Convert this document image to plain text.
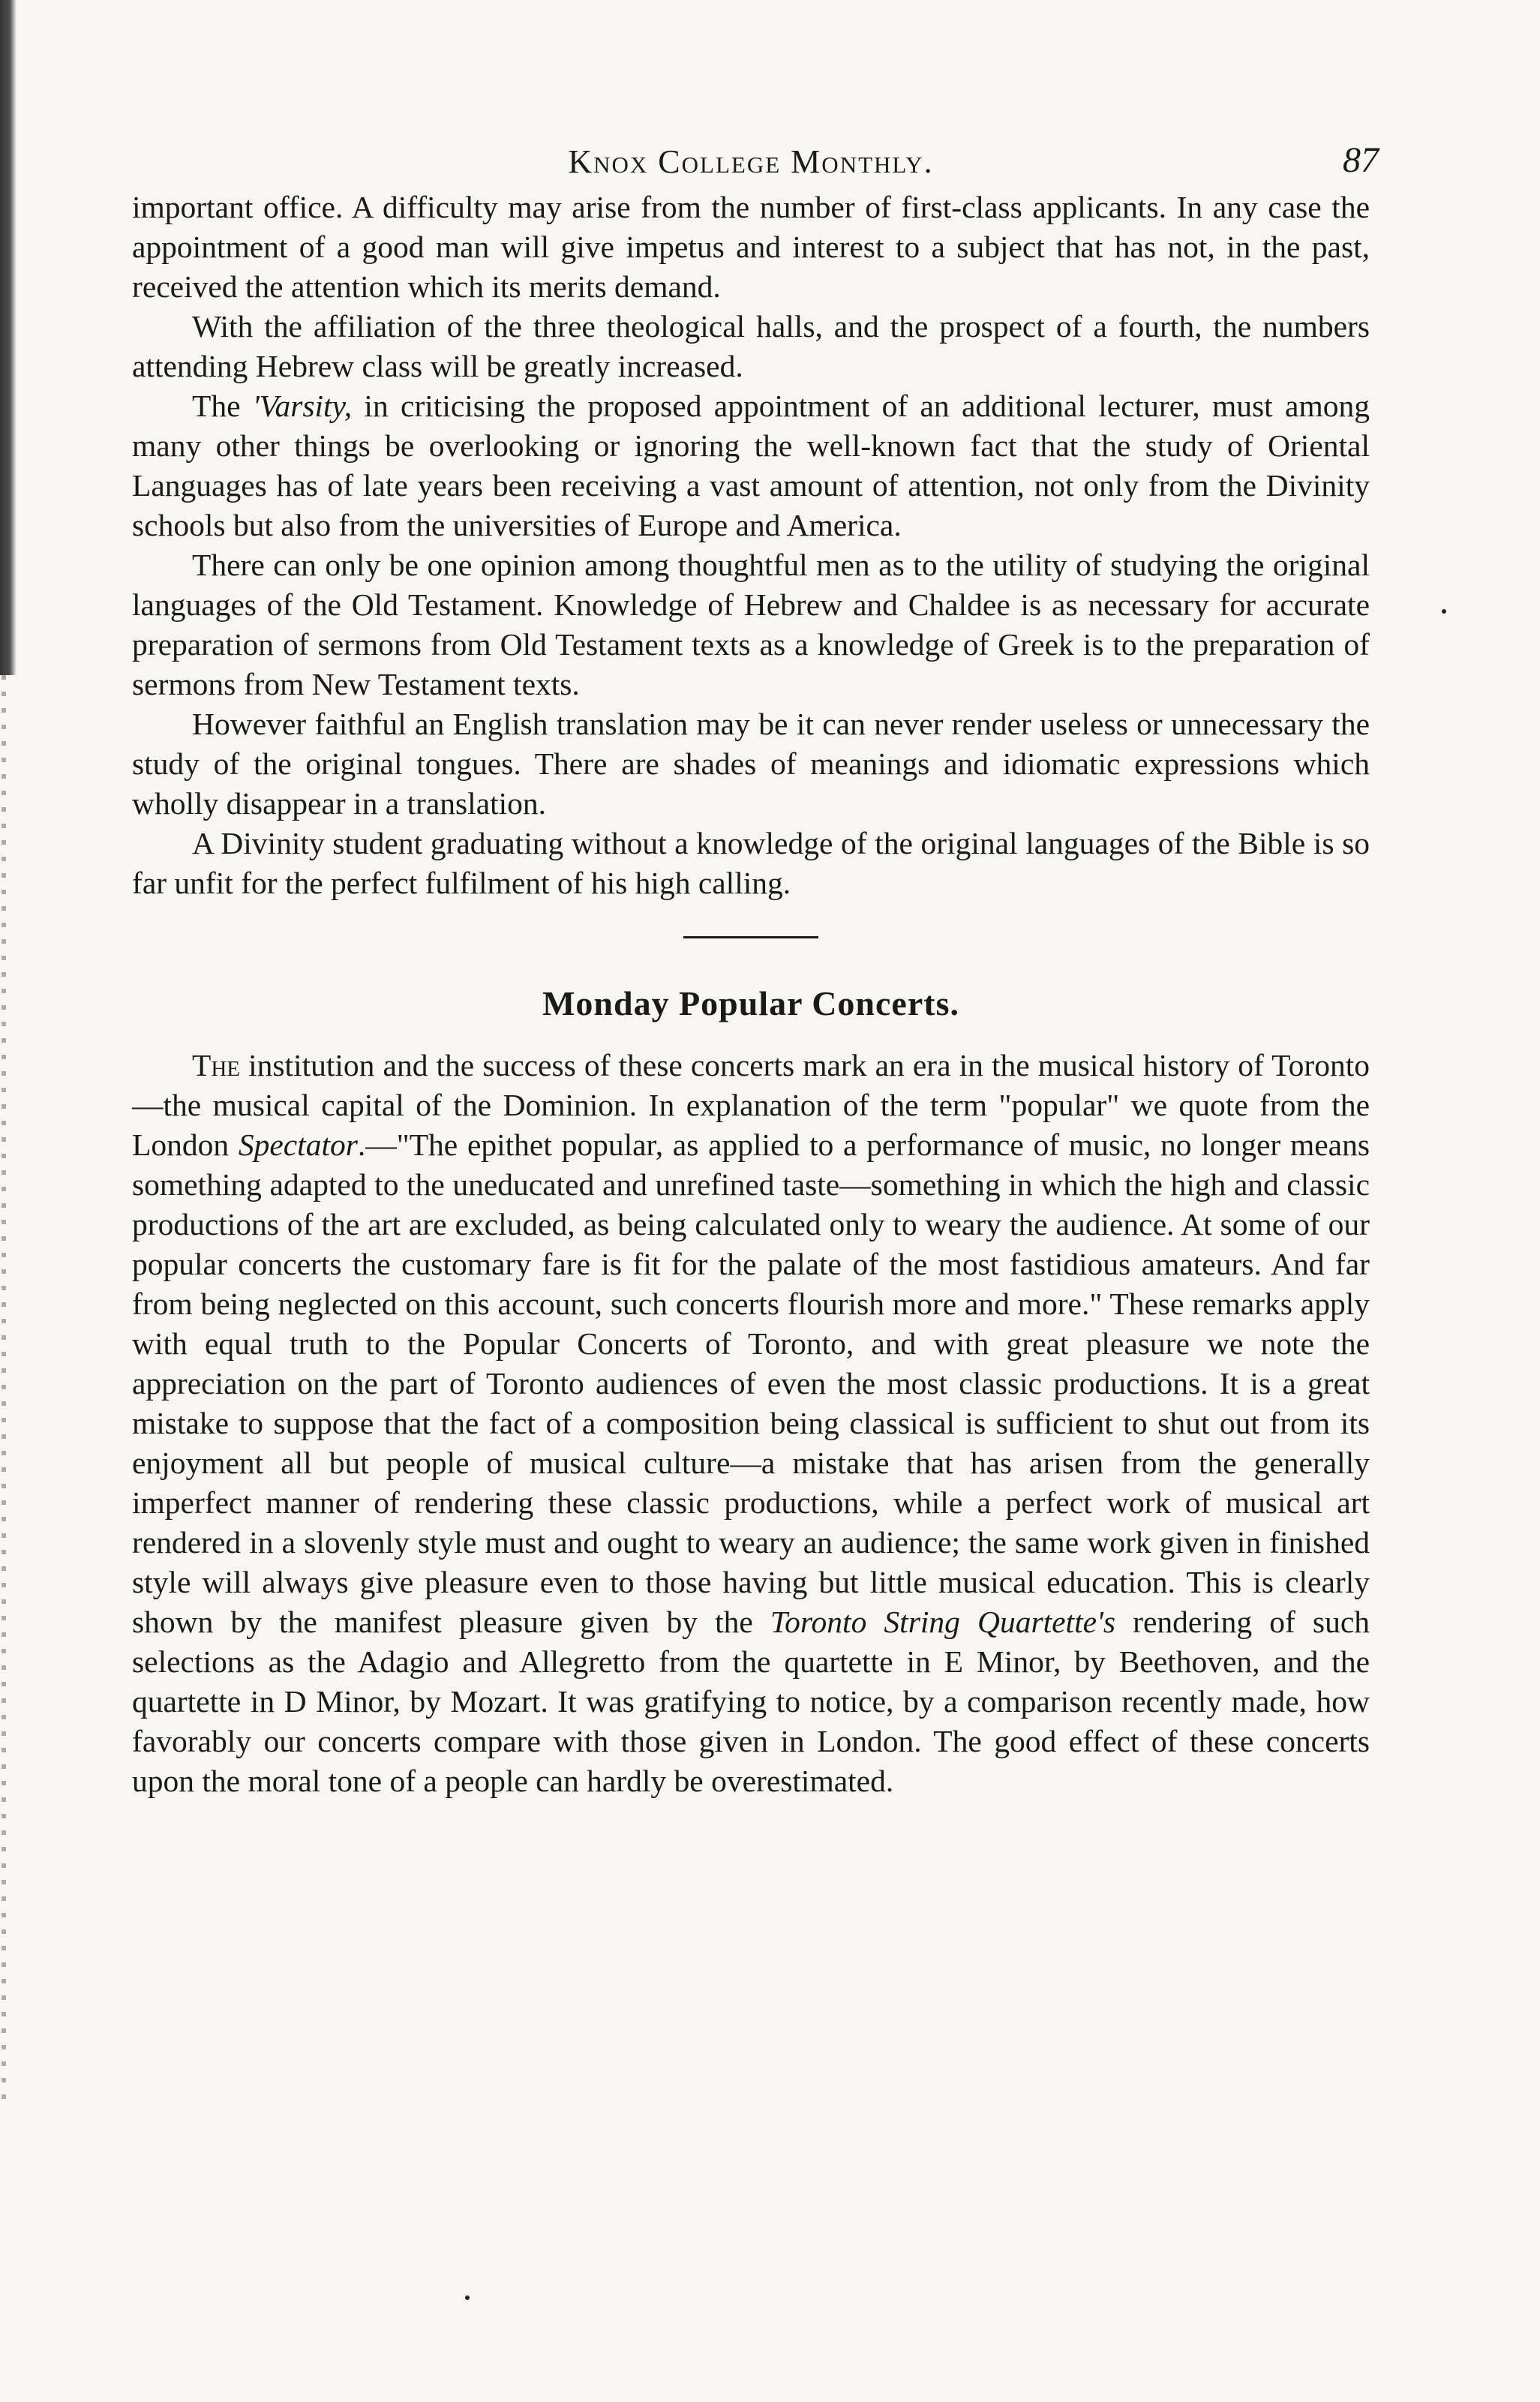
Knox College Monthly.	87

important office. A difficulty may arise from the number of first-class applicants. In any case the appointment of a good man will give impetus and interest to a subject that has not, in the past, received the attention which its merits demand.

With the affiliation of the three theological halls, and the prospect of a fourth, the numbers attending Hebrew class will be greatly increased.

The 'Varsity, in criticising the proposed appointment of an additional lecturer, must among many other things be overlooking or ignoring the well-known fact that the study of Oriental Languages has of late years been receiving a vast amount of attention, not only from the Divinity schools but also from the universities of Europe and America.

There can only be one opinion among thoughtful men as to the utility of studying the original languages of the Old Testament. Knowledge of Hebrew and Chaldee is as necessary for accurate preparation of sermons from Old Testament texts as a knowledge of Greek is to the preparation of sermons from New Testament texts.

However faithful an English translation may be it can never render useless or unnecessary the study of the original tongues. There are shades of meanings and idiomatic expressions which wholly disappear in a translation.

A Divinity student graduating without a knowledge of the original languages of the Bible is so far unfit for the perfect fulfilment of his high calling.

Monday Popular Concerts.

The institution and the success of these concerts mark an era in the musical history of Toronto—the musical capital of the Dominion. In explanation of the term "popular" we quote from the London Spectator.—"The epithet popular, as applied to a performance of music, no longer means something adapted to the uneducated and unrefined taste—something in which the high and classic productions of the art are excluded, as being calculated only to weary the audience. At some of our popular concerts the customary fare is fit for the palate of the most fastidious amateurs. And far from being neglected on this account, such concerts flourish more and more." These remarks apply with equal truth to the Popular Concerts of Toronto, and with great pleasure we note the appreciation on the part of Toronto audiences of even the most classic productions. It is a great mistake to suppose that the fact of a composition being classical is sufficient to shut out from its enjoyment all but people of musical culture—a mistake that has arisen from the generally imperfect manner of rendering these classic productions, while a perfect work of musical art rendered in a slovenly style must and ought to weary an audience; the same work given in finished style will always give pleasure even to those having but little musical education. This is clearly shown by the manifest pleasure given by the Toronto String Quartette's rendering of such selections as the Adagio and Allegretto from the quartette in E Minor, by Beethoven, and the quartette in D Minor, by Mozart. It was gratifying to notice, by a comparison recently made, how favorably our concerts compare with those given in London. The good effect of these concerts upon the moral tone of a people can hardly be overestimated.
